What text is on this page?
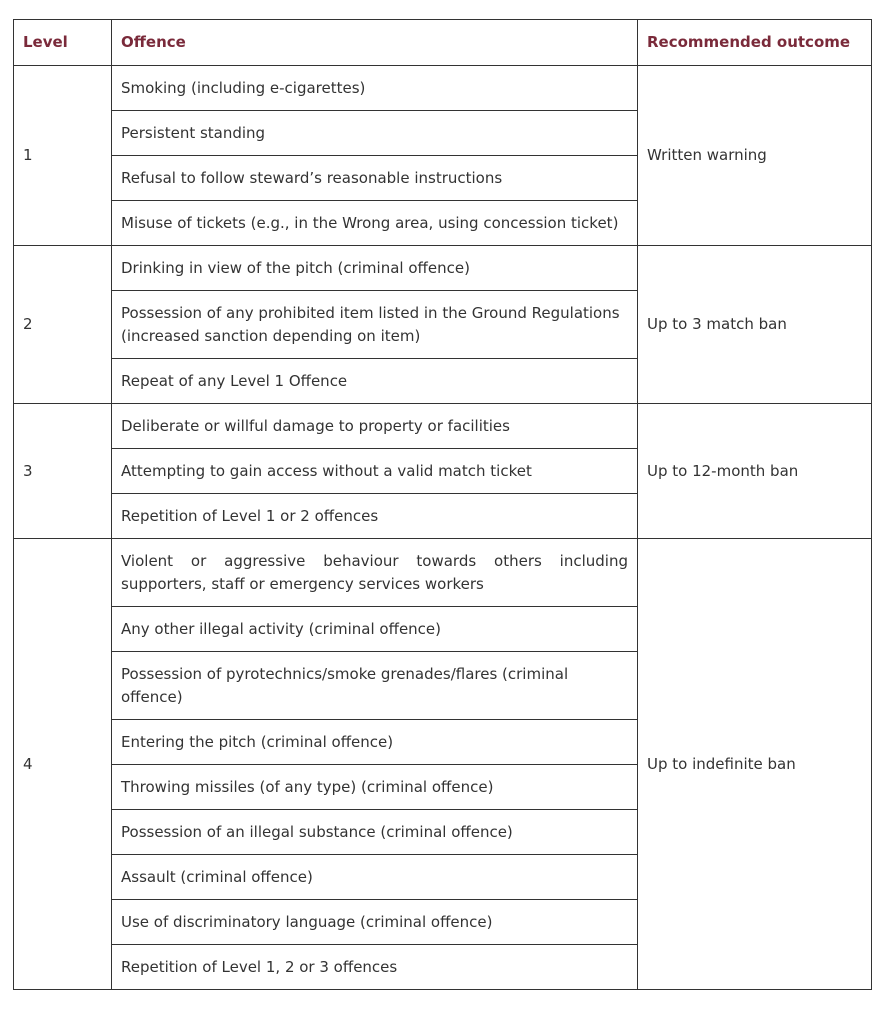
Level	Offence	Recommended outcome
1	Smoking (including e-cigarettes)	Written warning
	Persistent standing	
	Refusal to follow steward’s reasonable instructions	
	Misuse of tickets (e.g., in the Wrong area, using concession ticket)	
2	Drinking in view of the pitch (criminal offence)	Up to 3 match ban
	Possession of any prohibited item listed in the Ground Regulations (increased sanction depending on item)	
	Repeat of any Level 1 Offence	
3	Deliberate or willful damage to property or facilities	Up to 12-month ban
	Attempting to gain access without a valid match ticket	
	Repetition of Level 1 or 2 offences	
4	Violent or aggressive behaviour towards others including supporters, staff or emergency services workers	Up to indefinite ban
	Any other illegal activity (criminal offence)	
	Possession of pyrotechnics/smoke grenades/flares (criminal offence)	
	Entering the pitch (criminal offence)	
	Throwing missiles (of any type) (criminal offence)	
	Possession of an illegal substance (criminal offence)	
	Assault (criminal offence)	
	Use of discriminatory language (criminal offence)	
	Repetition of Level 1, 2 or 3 offences	
